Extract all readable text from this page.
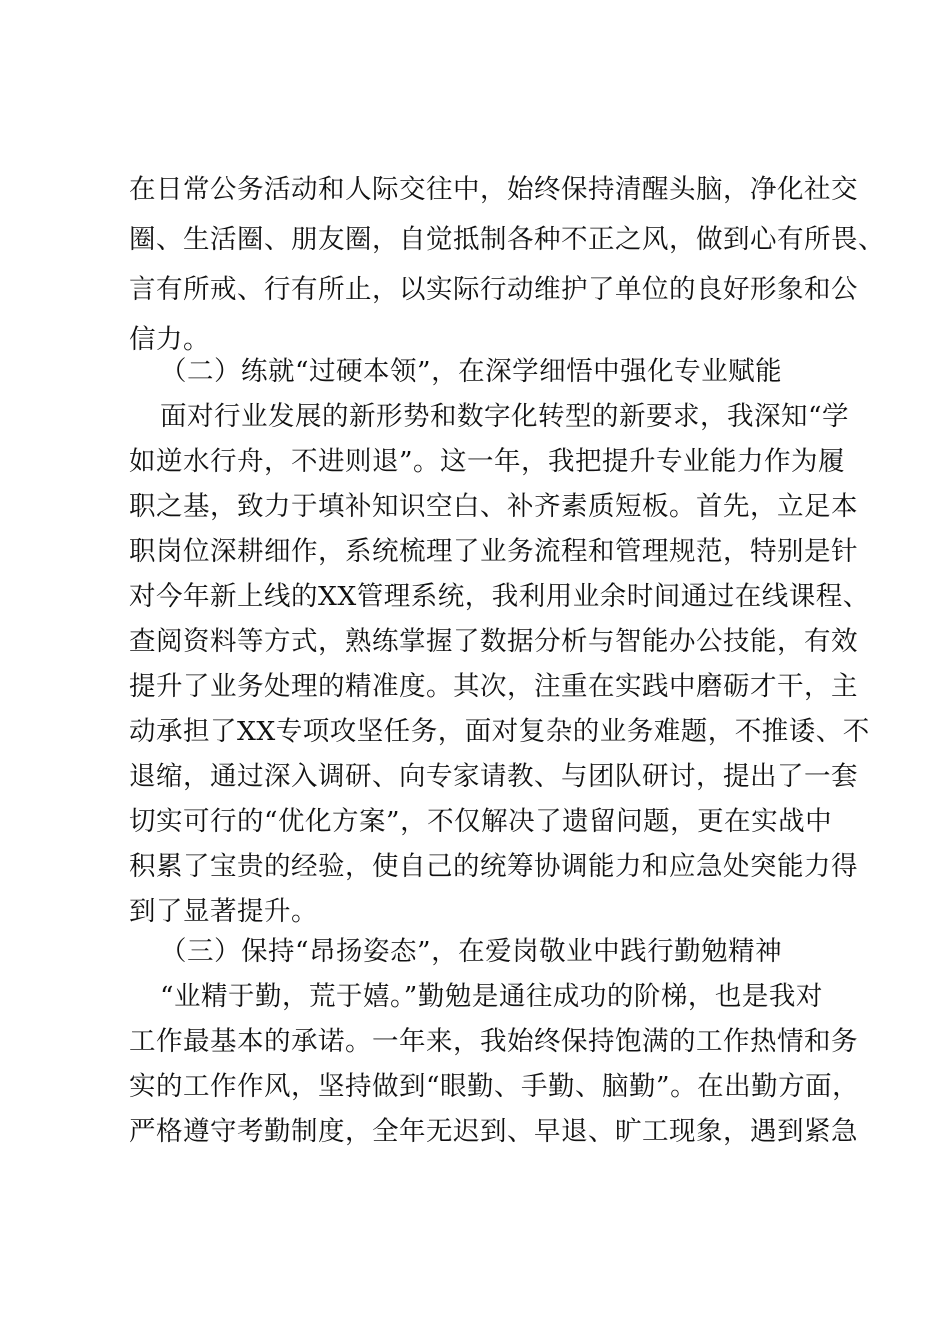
在日常公务活动和人际交往中，始终保持清醒头脑，净化社交
圈、生活圈、朋友圈，自觉抵制各种不正之风，做到心有所畏、
言有所戒、行有所止，以实际行动维护了单位的良好形象和公
信力。
（二）练就“过硬本领”，在深学细悟中强化专业赋能
面对行业发展的新形势和数字化转型的新要求，我深知“学
如逆水行舟，不进则退”。这一年，我把提升专业能力作为履
职之基，致力于填补知识空白、补齐素质短板。首先，立足本
职岗位深耕细作，系统梳理了业务流程和管理规范，特别是针
对今年新上线的XX管理系统，我利用业余时间通过在线课程、
查阅资料等方式，熟练掌握了数据分析与智能办公技能，有效
提升了业务处理的精准度。其次，注重在实践中磨砺才干，主
动承担了XX专项攻坚任务，面对复杂的业务难题，不推诿、不
退缩，通过深入调研、向专家请教、与团队研讨，提出了一套
切实可行的“优化方案”，不仅解决了遗留问题，更在实战中
积累了宝贵的经验，使自己的统筹协调能力和应急处突能力得
到了显著提升。
（三）保持“昂扬姿态”，在爱岗敬业中践行勤勉精神
“业精于勤，荒于嬉。”勤勉是通往成功的阶梯，也是我对
工作最基本的承诺。一年来，我始终保持饱满的工作热情和务
实的工作作风，坚持做到“眼勤、手勤、脑勤”。在出勤方面，
严格遵守考勤制度，全年无迟到、早退、旷工现象，遇到紧急
